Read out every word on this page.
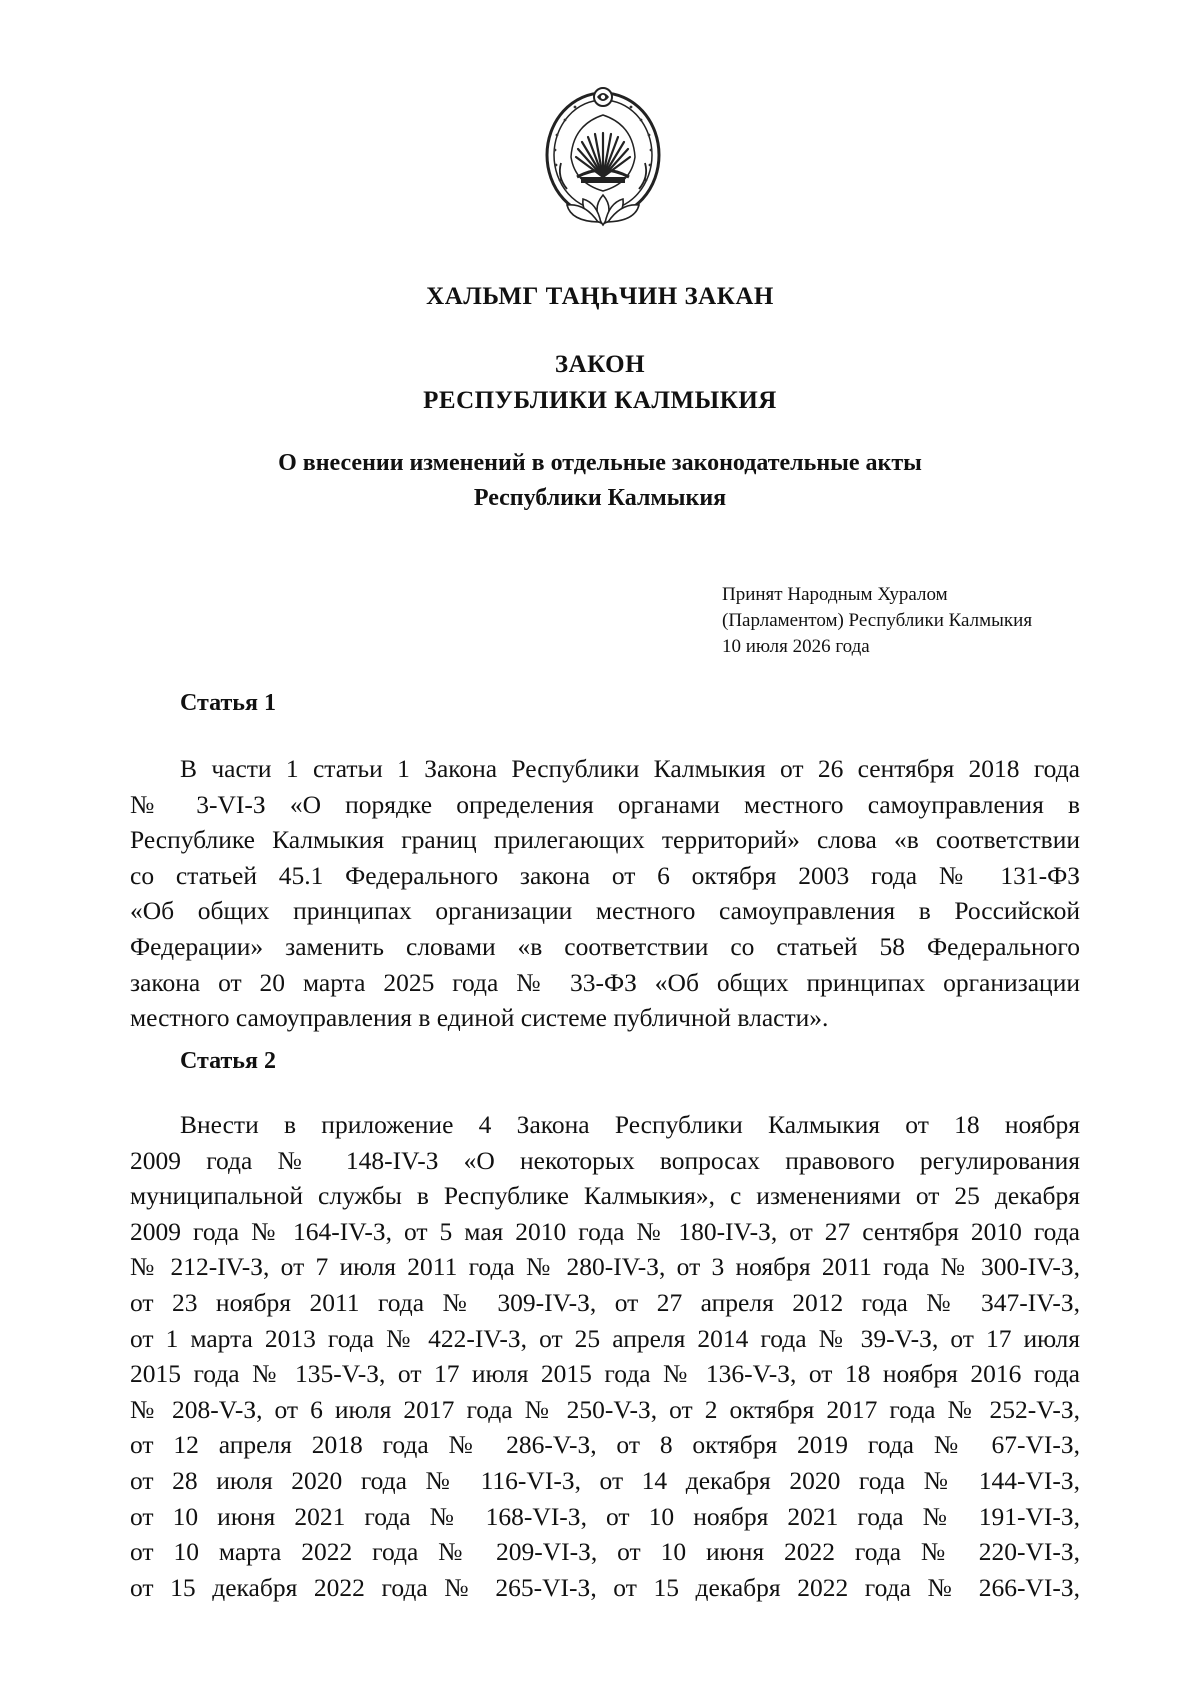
ХАЛЬМГ ТАҢҺЧИН ЗАКАН
ЗАКОН
РЕСПУБЛИКИ КАЛМЫКИЯ
О внесении изменений в отдельные законодательные акты
Республики Калмыкия
Принят Народным Хуралом
(Парламентом) Республики Калмыкия
10 июля 2026 года
Статья 1
В части 1 статьи 1 Закона Республики Калмыкия от 26 сентября 2018 года
№ 3-VI-З «О порядке определения органами местного самоуправления в
Республике Калмыкия границ прилегающих территорий» слова «в соответствии
со статьей 45.1 Федерального закона от 6 октября 2003 года № 131-ФЗ
«Об общих принципах организации местного самоуправления в Российской
Федерации» заменить словами «в соответствии со статьей 58 Федерального
закона от 20 марта 2025 года № 33-ФЗ «Об общих принципах организации
местного самоуправления в единой системе публичной власти».
Статья 2
Внести в приложение 4 Закона Республики Калмыкия от 18 ноября
2009 года № 148-IV-З «О некоторых вопросах правового регулирования
муниципальной службы в Республике Калмыкия», с изменениями от 25 декабря
2009 года № 164-IV-З, от 5 мая 2010 года № 180-IV-З, от 27 сентября 2010 года
№ 212-IV-З, от 7 июля 2011 года № 280-IV-З, от 3 ноября 2011 года № 300-IV-З,
от 23 ноября 2011 года № 309-IV-З, от 27 апреля 2012 года № 347-IV-З,
от 1 марта 2013 года № 422-IV-З, от 25 апреля 2014 года № 39-V-З, от 17 июля
2015 года № 135-V-З, от 17 июля 2015 года № 136-V-З, от 18 ноября 2016 года
№ 208-V-З, от 6 июля 2017 года № 250-V-З, от 2 октября 2017 года № 252-V-З,
от 12 апреля 2018 года № 286-V-З, от 8 октября 2019 года № 67-VI-З,
от 28 июля 2020 года № 116-VI-З, от 14 декабря 2020 года № 144-VI-З,
от 10 июня 2021 года № 168-VI-З, от 10 ноября 2021 года № 191-VI-З,
от 10 марта 2022 года № 209-VI-З, от 10 июня 2022 года № 220-VI-З,
от 15 декабря 2022 года № 265-VI-З, от 15 декабря 2022 года № 266-VI-З,
